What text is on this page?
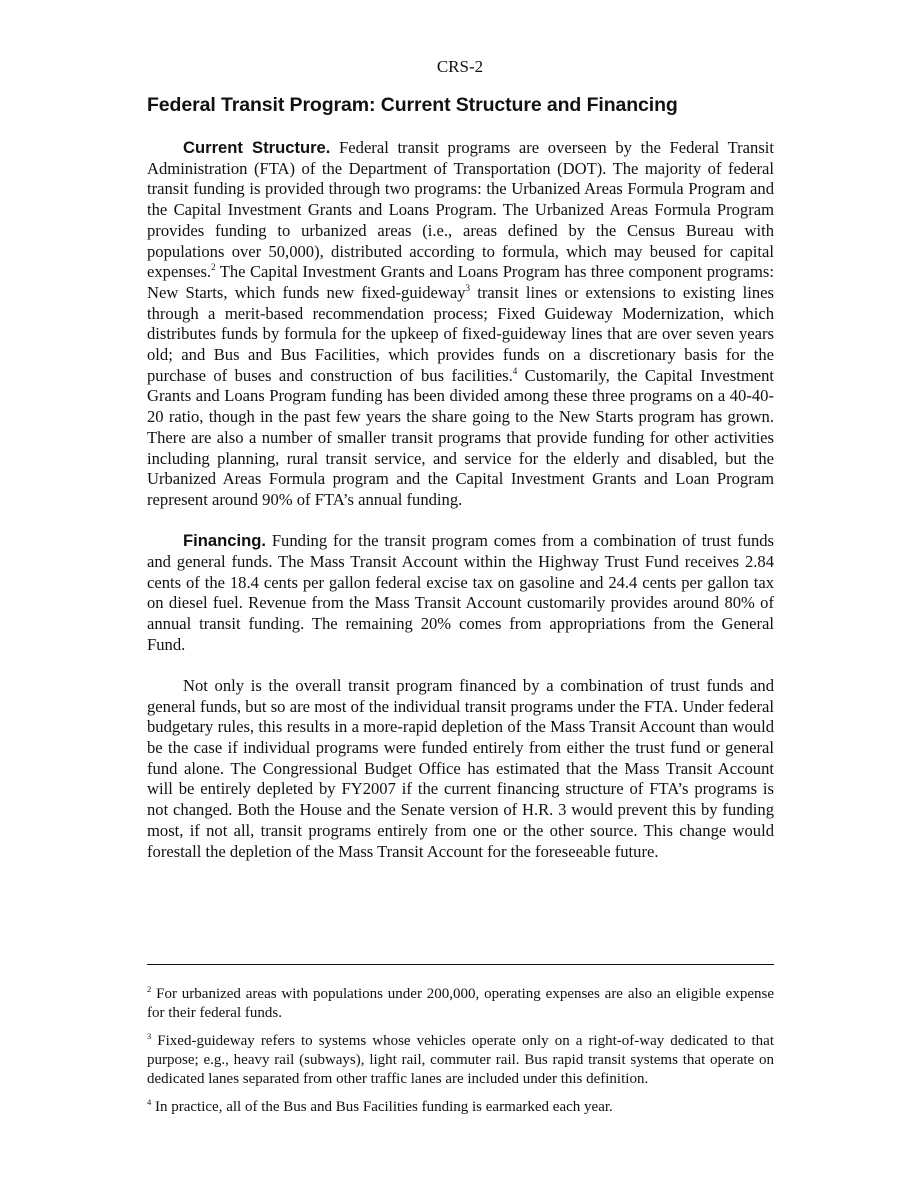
CRS-2
Federal Transit Program: Current Structure and Financing

Current Structure. Federal transit programs are overseen by the Federal Transit Administration (FTA) of the Department of Transportation (DOT). The majority of federal transit funding is provided through two programs: the Urbanized Areas Formula Program and the Capital Investment Grants and Loans Program. The Urbanized Areas Formula Program provides funding to urbanized areas (i.e., areas defined by the Census Bureau with populations over 50,000), distributed according to formula, which may beused for capital expenses.$^2$ The Capital Investment Grants and Loans Program has three component programs: New Starts, which funds new fixed-guideway$^3$ transit lines or extensions to existing lines through a merit-based recommendation process; Fixed Guideway Modernization, which distributes funds by formula for the upkeep of fixed-guideway lines that are over seven years old; and Bus and Bus Facilities, which provides funds on a discretionary basis for the purchase of buses and construction of bus facilities.$^4$ Customarily, the Capital Investment Grants and Loans Program funding has been divided among these three programs on a 40-40-20 ratio, though in the past few years the share going to the New Starts program has grown. There are also a number of smaller transit programs that provide funding for other activities including planning, rural transit service, and service for the elderly and disabled, but the Urbanized Areas Formula program and the Capital Investment Grants and Loan Program represent around 90% of FTA’s annual funding.

Financing. Funding for the transit program comes from a combination of trust funds and general funds. The Mass Transit Account within the Highway Trust Fund receives 2.84 cents of the 18.4 cents per gallon federal excise tax on gasoline and 24.4 cents per gallon tax on diesel fuel. Revenue from the Mass Transit Account customarily provides around 80% of annual transit funding. The remaining 20% comes from appropriations from the General Fund.

Not only is the overall transit program financed by a combination of trust funds and general funds, but so are most of the individual transit programs under the FTA. Under federal budgetary rules, this results in a more-rapid depletion of the Mass Transit Account than would be the case if individual programs were funded entirely from either the trust fund or general fund alone. The Congressional Budget Office has estimated that the Mass Transit Account will be entirely depleted by FY2007 if the current financing structure of FTA’s programs is not changed. Both the House and the Senate version of H.R. 3 would prevent this by funding most, if not all, transit programs entirely from one or the other source. This change would forestall the depletion of the Mass Transit Account for the foreseeable future.

$^2$ For urbanized areas with populations under 200,000, operating expenses are also an eligible expense for their federal funds.

$^3$ Fixed-guideway refers to systems whose vehicles operate only on a right-of-way dedicated to that purpose; e.g., heavy rail (subways), light rail, commuter rail. Bus rapid transit systems that operate on dedicated lanes separated from other traffic lanes are included under this definition.

$^4$ In practice, all of the Bus and Bus Facilities funding is earmarked each year.
